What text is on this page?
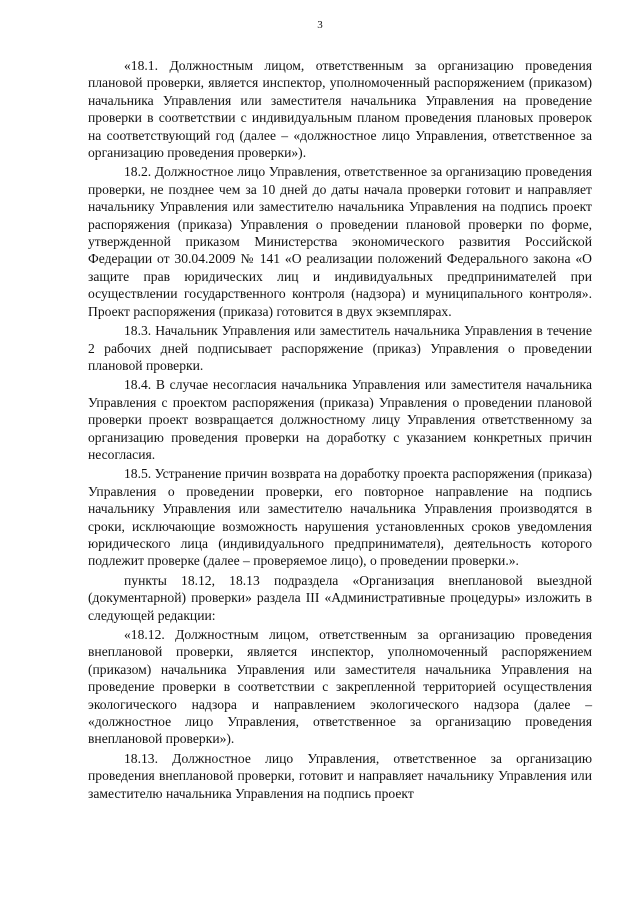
3

«18.1. Должностным лицом, ответственным за организацию проведения плановой проверки, является инспектор, уполномоченный распоряжением (приказом) начальника Управления или заместителя начальника Управления на проведение проверки в соответствии с индивидуальным планом проведения плановых проверок на соответствующий год (далее – «должностное лицо Управления, ответственное за организацию проведения проверки»).

18.2. Должностное лицо Управления, ответственное за организацию проведения проверки, не позднее чем за 10 дней до даты начала проверки готовит и направляет начальнику Управления или заместителю начальника Управления на подпись проект распоряжения (приказа) Управления о проведении плановой проверки по форме, утвержденной приказом Министерства экономического развития Российской Федерации от 30.04.2009 № 141 «О реализации положений Федерального закона «О защите прав юридических лиц и индивидуальных предпринимателей при осуществлении государственного контроля (надзора) и муниципального контроля». Проект распоряжения (приказа) готовится в двух экземплярах.

18.3. Начальник Управления или заместитель начальника Управления в течение 2 рабочих дней подписывает распоряжение (приказ) Управления о проведении плановой проверки.

18.4. В случае несогласия начальника Управления или заместителя начальника Управления с проектом распоряжения (приказа) Управления о проведении плановой проверки проект возвращается должностному лицу Управления ответственному за организацию проведения проверки на доработку с указанием конкретных причин несогласия.

18.5. Устранение причин возврата на доработку проекта распоряжения (приказа) Управления о проведении проверки, его повторное направление на подпись начальнику Управления или заместителю начальника Управления производятся в сроки, исключающие возможность нарушения установленных сроков уведомления юридического лица (индивидуального предпринимателя), деятельность которого подлежит проверке (далее – проверяемое лицо), о проведении проверки.».

пункты 18.12, 18.13 подраздела «Организация внеплановой выездной (документарной) проверки» раздела III «Административные процедуры» изложить в следующей редакции:

«18.12. Должностным лицом, ответственным за организацию проведения внеплановой проверки, является инспектор, уполномоченный распоряжением (приказом) начальника Управления или заместителя начальника Управления на проведение проверки в соответствии с закрепленной территорией осуществления экологического надзора и направлением экологического надзора (далее – «должностное лицо Управления, ответственное за организацию проведения внеплановой проверки»).

18.13. Должностное лицо Управления, ответственное за организацию проведения внеплановой проверки, готовит и направляет начальнику Управления или заместителю начальника Управления на подпись проект
